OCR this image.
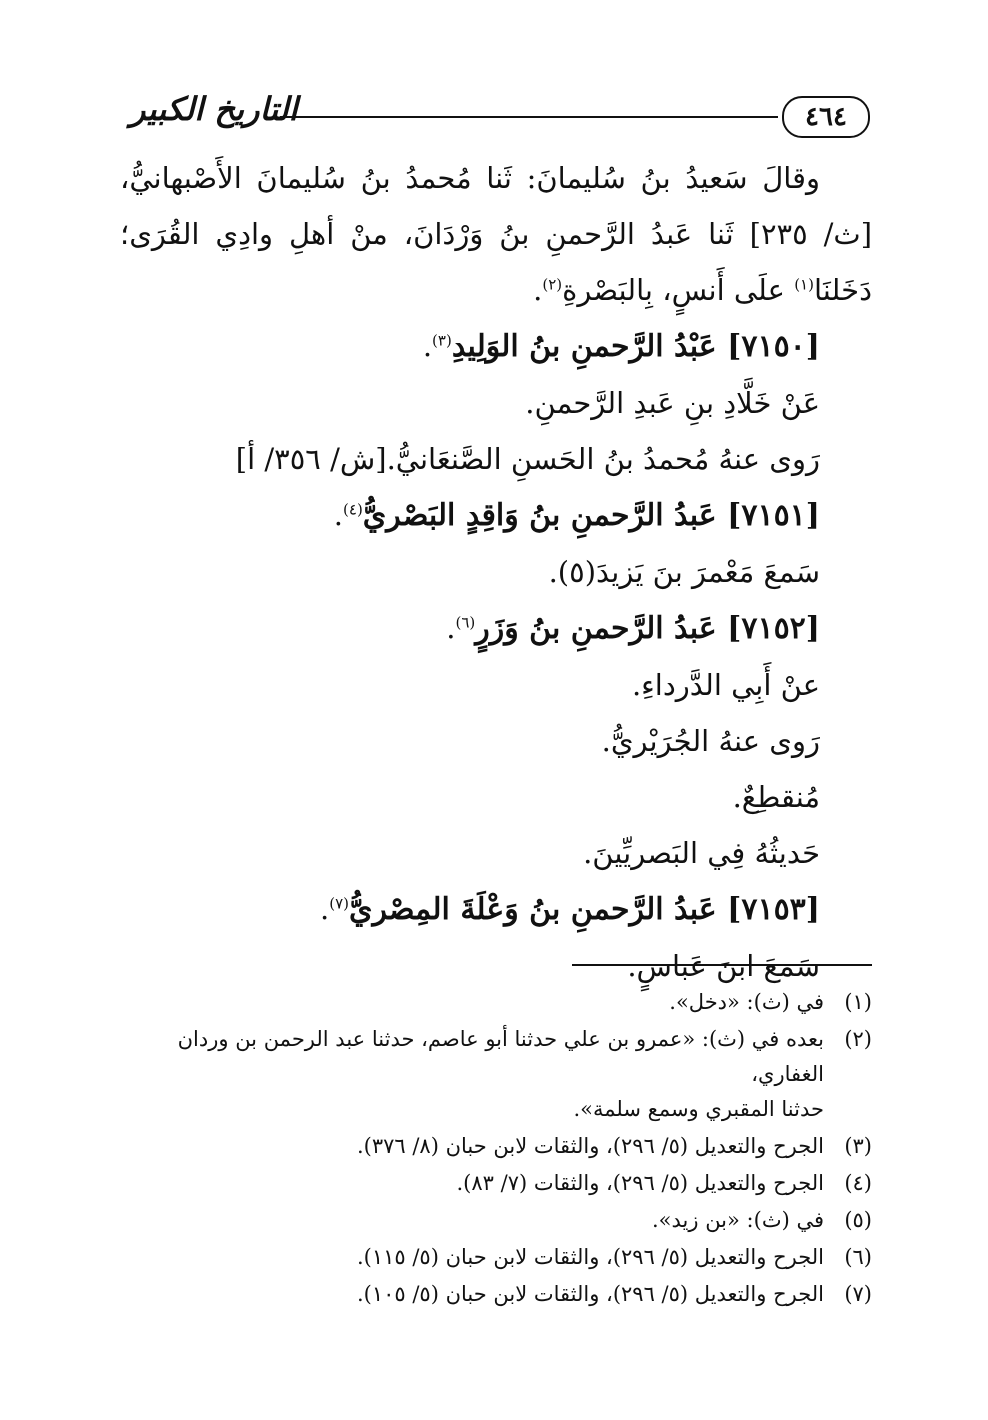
٤٦٤
التاريخ الكبير

وقالَ سَعيدُ بنُ سُليمانَ: ثَنا مُحمدُ بنُ سُليمانَ الأَصْبهانيُّ، [ث/ ٢٣٥] ثَنا عَبدُ الرَّحمنِ بنُ وَرْدَانَ، منْ أهلِ وادِي القُرَى؛ دَخَلنَا$^{(١)}$ علَى أَنسٍ، بِالبَصْرةِ$^{(٢)}$.

[٧١٥٠] عَبْدُ الرَّحمنِ بنُ الوَلِيدِ$^{(٣)}$.
عَنْ خَلَّادِ بنِ عَبدِ الرَّحمنِ.
رَوى عنهُ مُحمدُ بنُ الحَسنِ الصَّنعَانيُّ.[ش/ ٣٥٦/ أ]
[٧١٥١] عَبدُ الرَّحمنِ بنُ وَاقِدٍ البَصْريُّ$^{(٤)}$.
سَمعَ مَعْمرَ بنَ يَزيدَ(٥).
[٧١٥٢] عَبدُ الرَّحمنِ بنُ وَزَرٍ$^{(٦)}$.
عنْ أَبِي الدَّرداءِ.
رَوى عنهُ الجُرَيْريُّ.
مُنقطِعٌ.
حَديثُهُ فِي البَصريِّينَ.
[٧١٥٣] عَبدُ الرَّحمنِ بنُ وَعْلَةَ المِصْريُّ$^{(٧)}$.
سَمعَ ابنَ عَباسٍ.
(١)
في (ث): «دخل».
(٢)
بعده في (ث): «عمرو بن علي حدثنا أبو عاصم، حدثنا عبد الرحمن بن وردان الغفاري،
حدثنا المقبري وسمع سلمة».
(٣)
الجرح والتعديل (٥/ ٢٩٦)، والثقات لابن حبان (٨/ ٣٧٦).
(٤)
الجرح والتعديل (٥/ ٢٩٦)، والثقات (٧/ ٨٣).
(٥)
في (ث): «بن زيد».
(٦)
الجرح والتعديل (٥/ ٢٩٦)، والثقات لابن حبان (٥/ ١١٥).
(٧)
الجرح والتعديل (٥/ ٢٩٦)، والثقات لابن حبان (٥/ ١٠٥).
